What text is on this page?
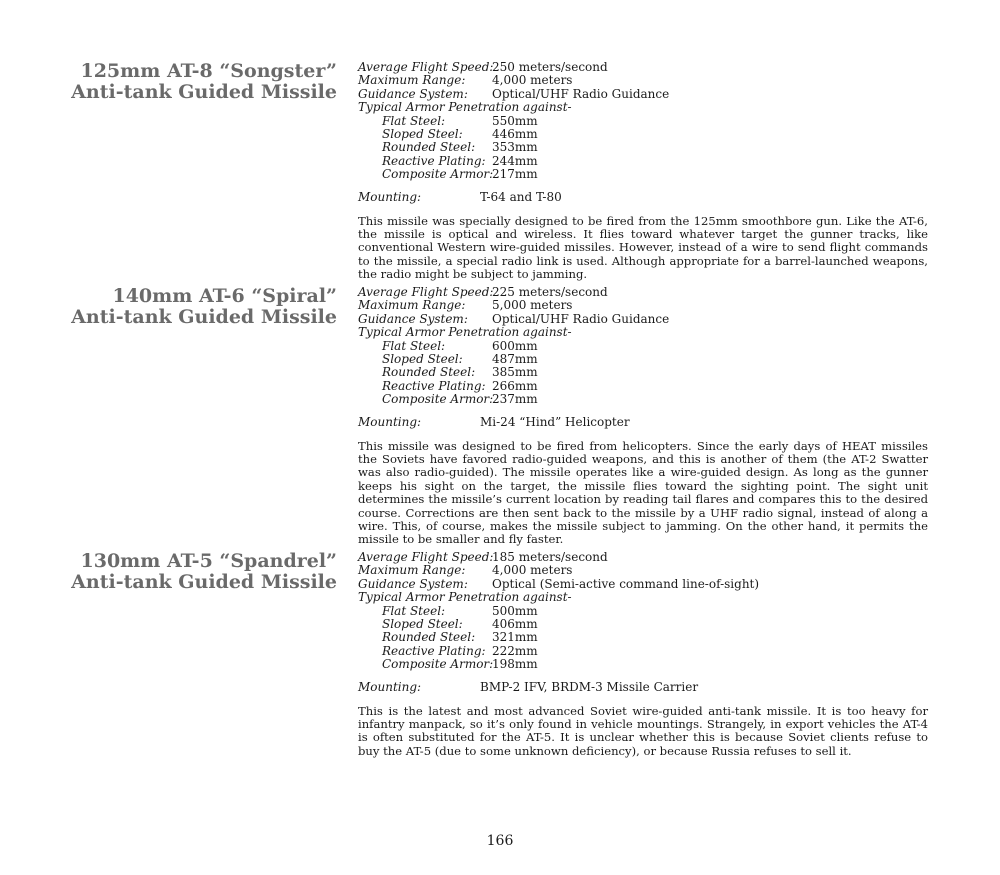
125mm AT-8 “Songster”
Anti-tank Guided Missile
Average Flight Speed:
250 meters/second
Maximum Range: 4,000 meters
Guidance System: Optical/UHF Radio Guidance
Typical Armor Penetration against-
Flat Steel:	550mm
Sloped Steel: 446mm
Rounded Steel: 353mm
Reactive Plating: 244mm
Composite Armor:
217mm
Mounting:	T-64 and T-80
This missile was specially designed to be fired from the 125mm smoothbore gun. Like the AT-6, the missile is optical and wireless. It flies toward whatever target the gunner tracks, like conventional Western wire-guided missiles. However, instead of a wire to send flight commands to the missile, a special radio link is used. Although appropriate for a barrel-launched weapons, the radio might be subject to jamming.
140mm AT-6 “Spiral”
Anti-tank Guided Missile
Average Flight Speed:
225 meters/second
Maximum Range: 5,000 meters
Guidance System: Optical/UHF Radio Guidance
Typical Armor Penetration against-
Flat Steel:	600mm
Sloped Steel: 487mm
Rounded Steel: 385mm
Reactive Plating: 266mm
Composite Armor:
237mm
Mounting:	Mi-24 “Hind” Helicopter
This missile was designed to be fired from helicopters. Since the early days of HEAT missiles the Soviets have favored radio-guided weapons, and this is another of them (the AT-2 Swatter was also radio-guided). The missile operates like a wire-guided design. As long as the gunner keeps his sight on the target, the missile flies toward the sighting point. The sight unit determines the missile’s current location by reading tail flares and compares this to the desired course. Corrections are then sent back to the missile by a UHF radio signal, instead of along a wire. This, of course, makes the missile subject to jamming. On the other hand, it permits the missile to be smaller and fly faster.
130mm AT-5 “Spandrel”
Anti-tank Guided Missile
Average Flight Speed:
185 meters/second
Maximum Range: 4,000 meters
Guidance System: Optical (Semi-active command line-of-sight)
Typical Armor Penetration against-
Flat Steel:	500mm
Sloped Steel: 406mm
Rounded Steel: 321mm
Reactive Plating: 222mm
Composite Armor:
198mm
Mounting:	BMP-2 IFV, BRDM-3 Missile Carrier
This is the latest and most advanced Soviet wire-guided anti-tank missile. It is too heavy for infantry manpack, so it’s only found in vehicle mountings. Strangely, in export vehicles the AT-4 is often substituted for the AT-5. It is unclear whether this is because Soviet clients refuse to buy the AT-5 (due to some unknown deficiency), or because Russia refuses to sell it.
166
